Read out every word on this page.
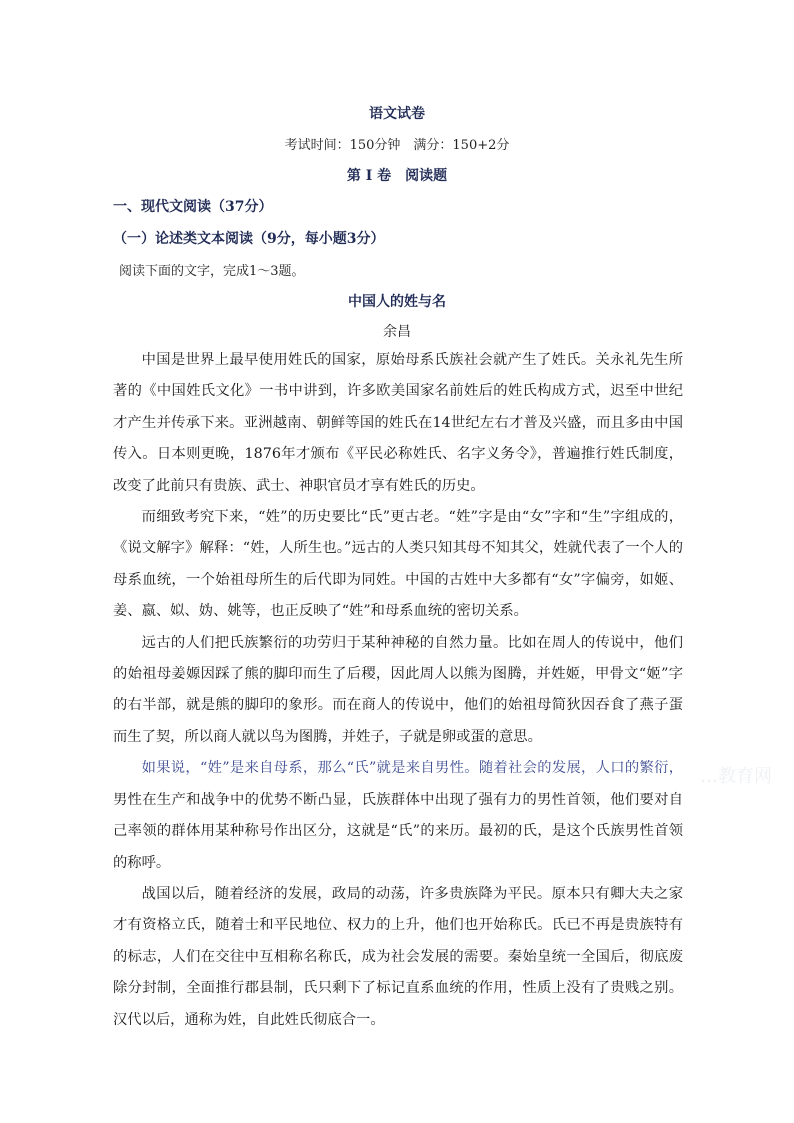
语文试卷
考试时间：150分钟　满分：150+2分
第 I 卷　阅读题
一、现代文阅读（37分）
（一）论述类文本阅读（9分，每小题3分）
阅读下面的文字，完成1～3题。
中国人的姓与名
余昌

中国是世界上最早使用姓氏的国家，原始母系氏族社会就产生了姓氏。关永礼先生所著的《中国姓氏文化》一书中讲到，许多欧美国家名前姓后的姓氏构成方式，迟至中世纪才产生并传承下来。亚洲越南、朝鲜等国的姓氏在14世纪左右才普及兴盛，而且多由中国传入。日本则更晚，1876年才颁布《平民必称姓氏、名字义务令》，普遍推行姓氏制度，改变了此前只有贵族、武士、神职官员才享有姓氏的历史。

而细致考究下来，“姓”的历史要比“氏”更古老。“姓”字是由“女”字和“生”字组成的，《说文解字》解释：“姓，人所生也。”远古的人类只知其母不知其父，姓就代表了一个人的母系血统，一个始祖母所生的后代即为同姓。中国的古姓中大多都有“女”字偏旁，如姬、姜、嬴、姒、妫、姚等，也正反映了“姓”和母系血统的密切关系。

远古的人们把氏族繁衍的功劳归于某种神秘的自然力量。比如在周人的传说中，他们的始祖母姜嫄因踩了熊的脚印而生了后稷，因此周人以熊为图腾，并姓姬，甲骨文“姬”字的右半部，就是熊的脚印的象形。而在商人的传说中，他们的始祖母简狄因吞食了燕子蛋而生了契，所以商人就以鸟为图腾，并姓子，子就是卵或蛋的意思。

如果说，“姓”是来自母系，那么“氏”就是来自男性。随着社会的发展，人口的繁衍，男性在生产和战争中的优势不断凸显，氏族群体中出现了强有力的男性首领，他们要对自己率领的群体用某种称号作出区分，这就是“氏”的来历。最初的氏，是这个氏族男性首领的称呼。

战国以后，随着经济的发展，政局的动荡，许多贵族降为平民。原本只有卿大夫之家才有资格立氏，随着士和平民地位、权力的上升，他们也开始称氏。氏已不再是贵族特有的标志，人们在交往中互相称名称氏，成为社会发展的需要。秦始皇统一全国后，彻底废除分封制，全面推行郡县制，氏只剩下了标记直系血统的作用，性质上没有了贵贱之别。汉代以后，通称为姓，自此姓氏彻底合一。

…教育网
